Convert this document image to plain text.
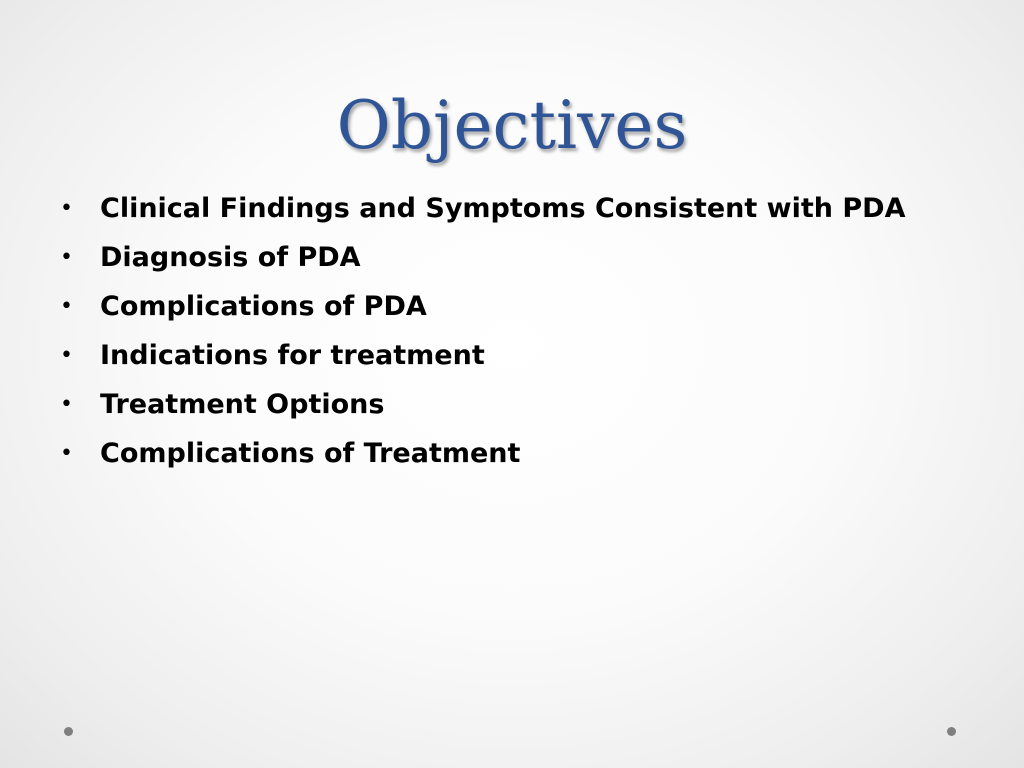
Objectives
•	Clinical Findings and Symptoms Consistent with PDA
•	Diagnosis of PDA
•	Complications of PDA
•	Indications for treatment
•	Treatment Options
•	Complications of Treatment
